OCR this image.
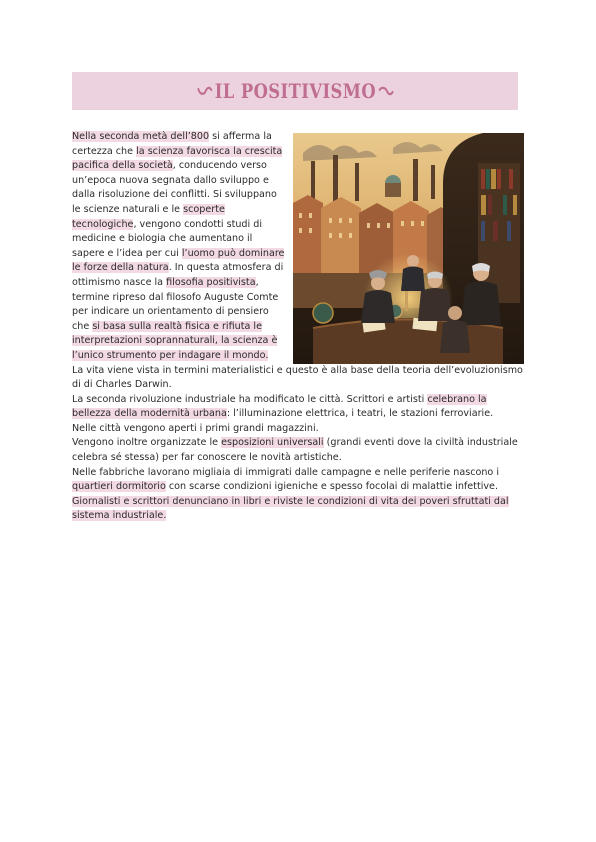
IL POSITIVISMO

Nella seconda metà dell’800 si afferma la certezza che la scienza favorisca la crescita pacifica della società, conducendo verso un’epoca nuova segnata dallo sviluppo e dalla risoluzione dei conflitti. Si sviluppano le scienze naturali e le scoperte tecnologiche, vengono condotti studi di medicine e biologia che aumentano il sapere e l’idea per cui l’uomo può dominare le forze della natura. In questa atmosfera di ottimismo nasce la filosofia positivista, termine ripreso dal filosofo Auguste Comte per indicare un orientamento di pensiero che si basa sulla realtà fisica e rifiuta le interpretazioni soprannaturali, la scienza è l’unico strumento per indagare il mondo.

La vita viene vista in termini materialistici e questo è alla base della teoria dell’evoluzionismo di di Charles Darwin.

La seconda rivoluzione industriale ha modificato le città. Scrittori e artisti celebrano la bellezza della modernità urbana: l’illuminazione elettrica, i teatri, le stazioni ferroviarie.

Nelle città vengono aperti i primi grandi magazzini.

Vengono inoltre organizzate le esposizioni universali (grandi eventi dove la civiltà industriale celebra sé stessa) per far conoscere le novità artistiche.

Nelle fabbriche lavorano migliaia di immigrati dalle campagne e nelle periferie nascono i quartieri dormitorio con scarse condizioni igieniche e spesso focolai di malattie infettive.

Giornalisti e scrittori denunciano in libri e riviste le condizioni di vita dei poveri sfruttati dal sistema industriale.
